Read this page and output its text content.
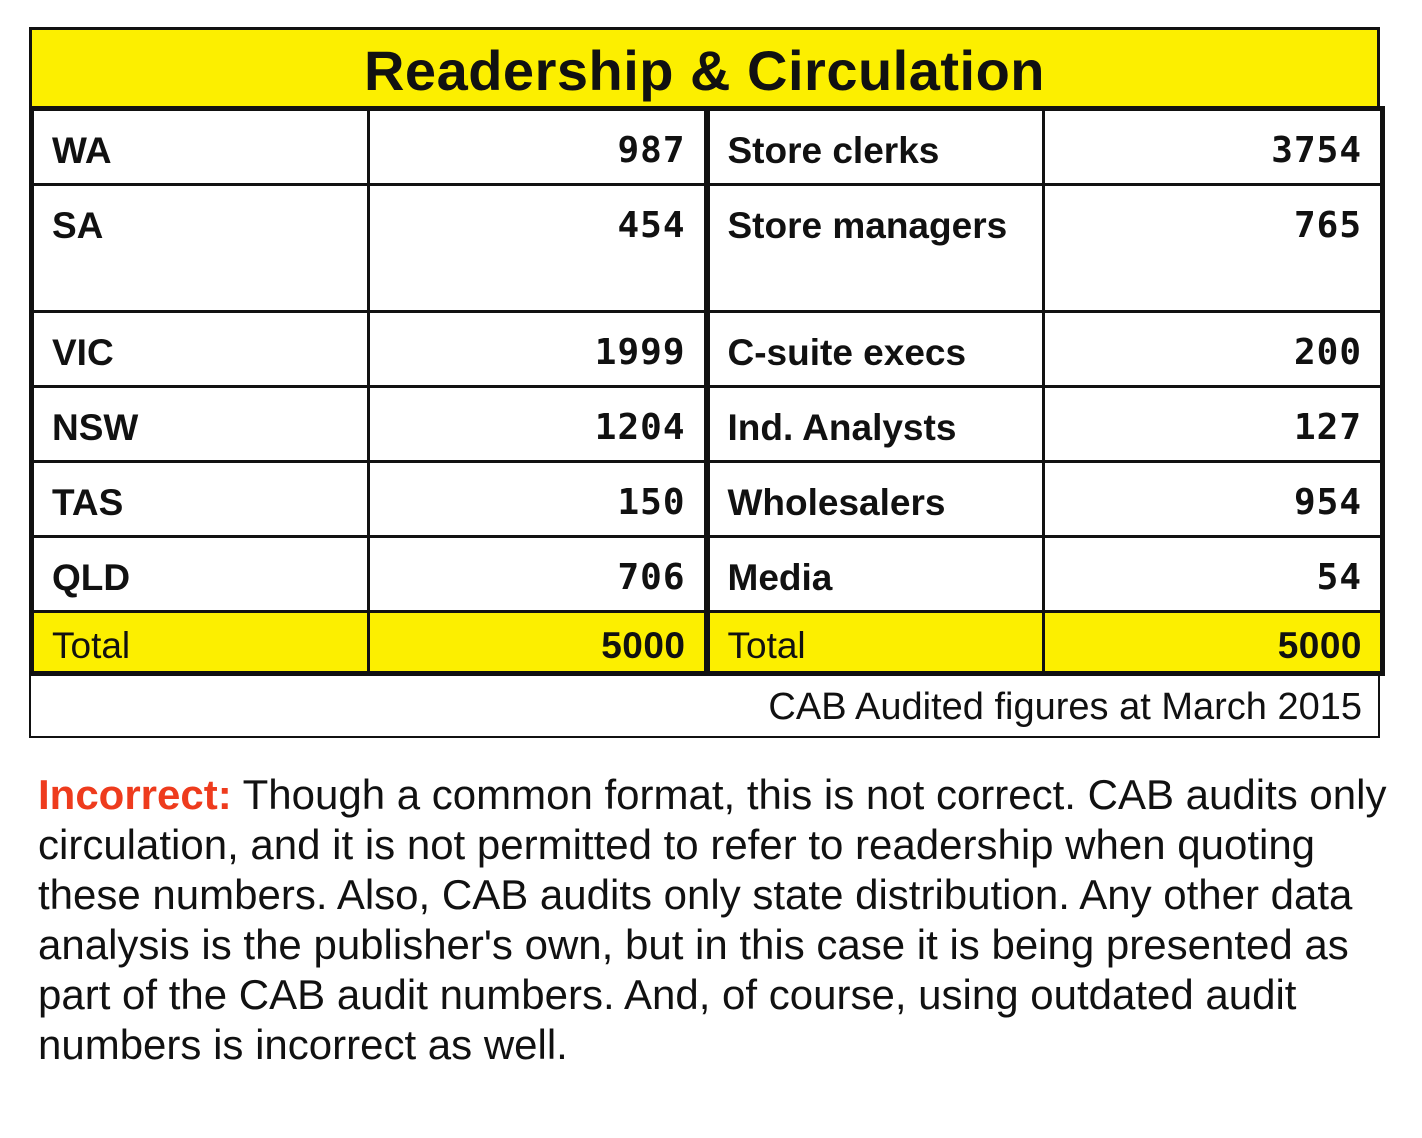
Readership & Circulation
WA	987	Store clerks	3754
SA	454	Store managers	765
VIC	1999	C-suite execs	200
NSW	1204	Ind. Analysts	127
TAS	150	Wholesalers	954
QLD	706	Media	54
Total	5000	Total	5000
CAB Audited figures at March 2015
Incorrect: Though a common format, this is not correct. CAB audits only circulation, and it is not permitted to refer to readership when quoting these numbers. Also, CAB audits only state distribution. Any other data analysis is the publisher's own, but in this case it is being presented as part of the CAB audit numbers. And, of course, using outdated audit numbers is incorrect as well.
